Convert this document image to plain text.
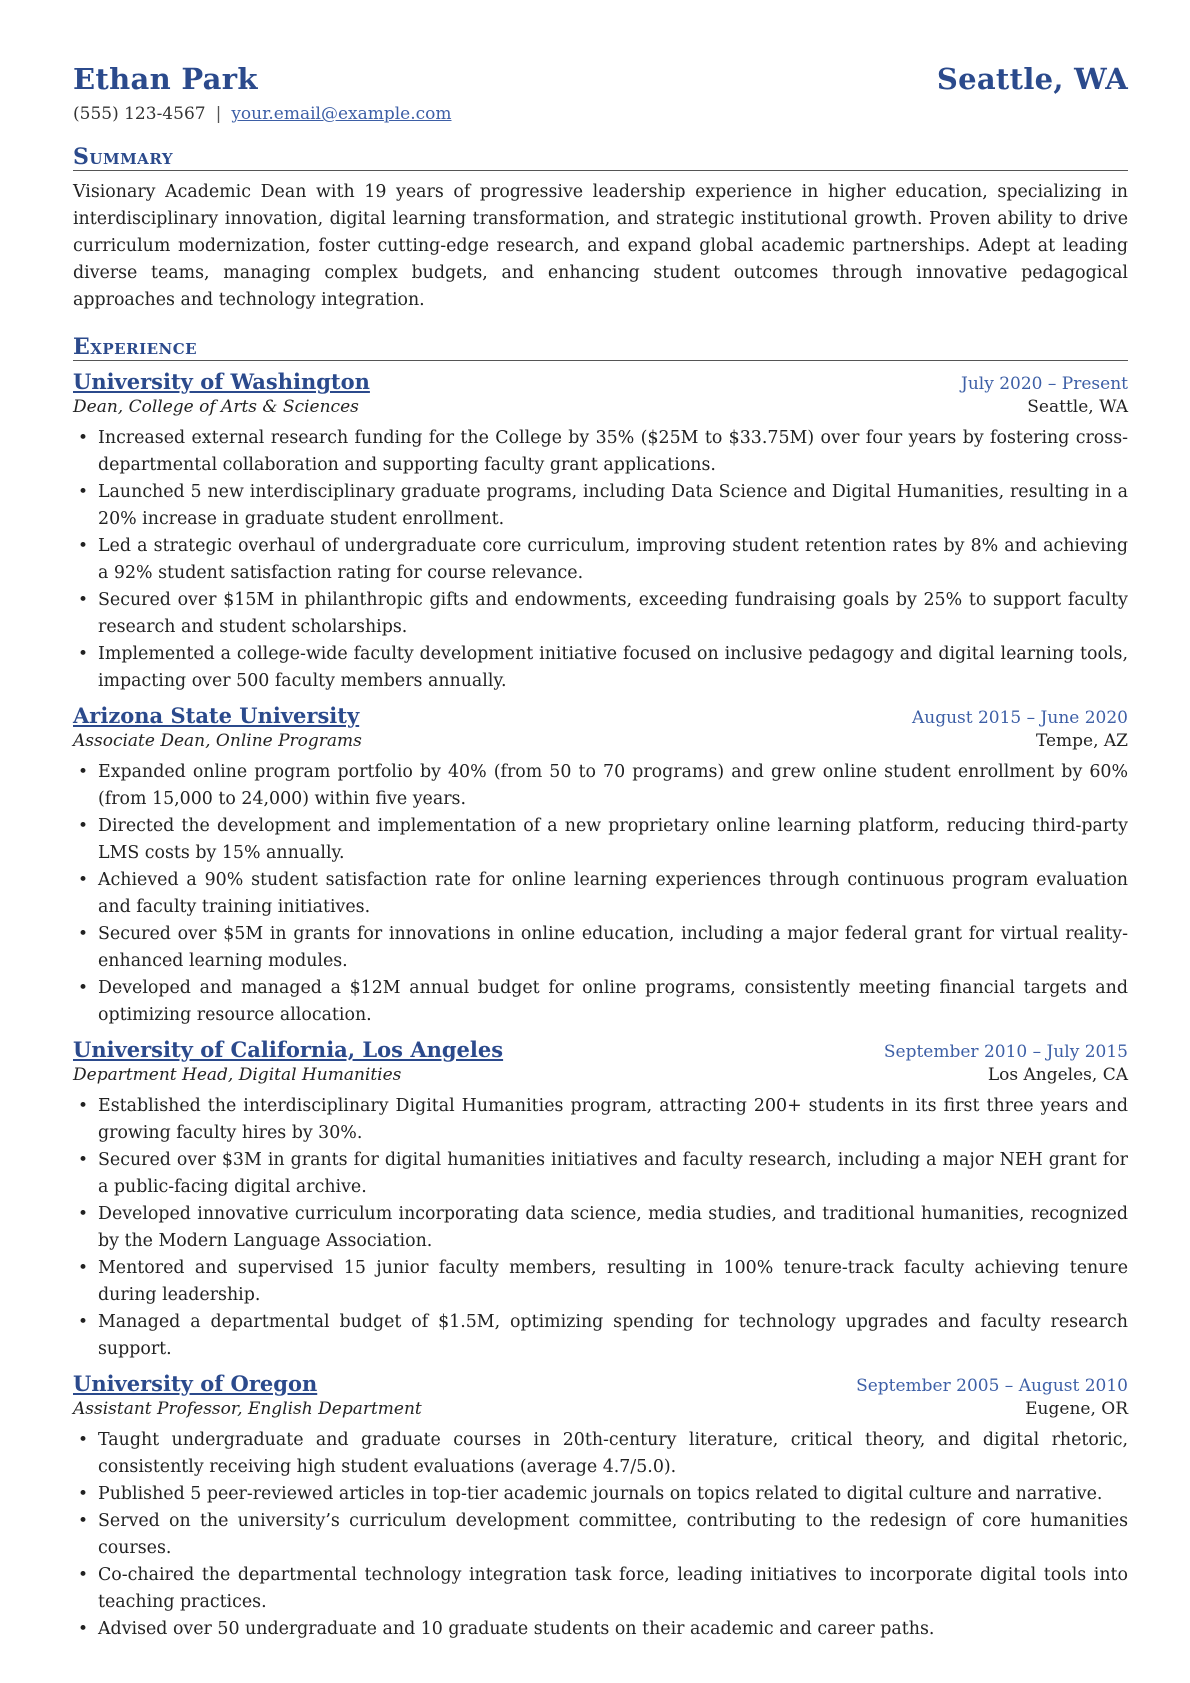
Ethan Park	Seattle, WA
(555) 123-4567 | your.email@example.com
Summary
Visionary Academic Dean with 19 years of progressive leadership experience in higher education, specializing in interdisciplinary innovation, digital learning transformation, and strategic institutional growth. Proven ability to drive curriculum modernization, foster cutting-edge research, and expand global academic partnerships. Adept at leading diverse teams, managing complex budgets, and enhancing student outcomes through innovative pedagogical approaches and technology integration.
Experience
University of Washington	July 2020 – Present
Dean, College of Arts & Sciences	Seattle, WA
• Increased external research funding for the College by 35% ($25M to $33.75M) over four years by fostering cross-departmental collaboration and supporting faculty grant applications.
• Launched 5 new interdisciplinary graduate programs, including Data Science and Digital Humanities, resulting in a 20% increase in graduate student enrollment.
• Led a strategic overhaul of undergraduate core curriculum, improving student retention rates by 8% and achieving a 92% student satisfaction rating for course relevance.
• Secured over $15M in philanthropic gifts and endowments, exceeding fundraising goals by 25% to support faculty research and student scholarships.
• Implemented a college-wide faculty development initiative focused on inclusive pedagogy and digital learning tools, impacting over 500 faculty members annually.
Arizona State University	August 2015 – June 2020
Associate Dean, Online Programs	Tempe, AZ
• Expanded online program portfolio by 40% (from 50 to 70 programs) and grew online student enrollment by 60% (from 15,000 to 24,000) within five years.
• Directed the development and implementation of a new proprietary online learning platform, reducing third-party LMS costs by 15% annually.
• Achieved a 90% student satisfaction rate for online learning experiences through continuous program evaluation and faculty training initiatives.
• Secured over $5M in grants for innovations in online education, including a major federal grant for virtual reality-enhanced learning modules.
• Developed and managed a $12M annual budget for online programs, consistently meeting financial targets and optimizing resource allocation.
University of California, Los Angeles	September 2010 – July 2015
Department Head, Digital Humanities	Los Angeles, CA
• Established the interdisciplinary Digital Humanities program, attracting 200+ students in its first three years and growing faculty hires by 30%.
• Secured over $3M in grants for digital humanities initiatives and faculty research, including a major NEH grant for a public-facing digital archive.
• Developed innovative curriculum incorporating data science, media studies, and traditional humanities, recognized by the Modern Language Association.
• Mentored and supervised 15 junior faculty members, resulting in 100% tenure-track faculty achieving tenure during leadership.
• Managed a departmental budget of $1.5M, optimizing spending for technology upgrades and faculty research support.
University of Oregon	September 2005 – August 2010
Assistant Professor, English Department	Eugene, OR
• Taught undergraduate and graduate courses in 20th-century literature, critical theory, and digital rhetoric, consistently receiving high student evaluations (average 4.7/5.0).
• Published 5 peer-reviewed articles in top-tier academic journals on topics related to digital culture and narrative.
• Served on the university’s curriculum development committee, contributing to the redesign of core humanities courses.
• Co-chaired the departmental technology integration task force, leading initiatives to incorporate digital tools into teaching practices.
• Advised over 50 undergraduate and 10 graduate students on their academic and career paths.
